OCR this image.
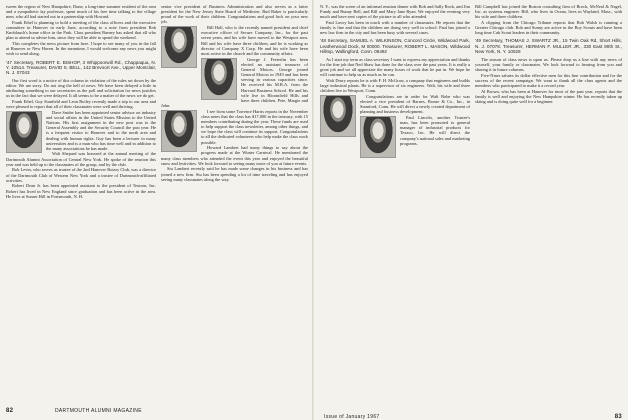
tween the region of New Hampshire, Dune, a long-time summer resident of the area and a sympathetic lay professor, spent much of his free time talking to the village men, who all had started out in a partnership with Howard.

Frank Ethel is planning to hold a meeting of the class officers and the executive committee in Hanover in early June, according to a note from president Bob Knoblauch's home office in the Park. Class president Barney has asked that all who plan to attend so advise him, since they will be able to spend the weekend.

This completes the news picture from here. I hope to see many of you in the fall at Hanover or New Haven. In the meantime, I would welcome any news you might wish to send along.

'47 Secretary, ROBERT E. BISHOP, 3 Whippoorwill Rd., Chappaqua, N. Y. 10514. Treasurer, DAVID S. BELL, 142 Brevoort Ave., Upper Montclair, N. J. 07043

Our first word is a notice of this column in violation of the rules set down by the editor. We are sorry. Do not ring the bell of news. We have been delayed a little in attributing something to our secretaries as the poll and solicitation for news justifies us in the fact that we were delayed. It all seems to be a matter of the news we do get.

Frank Ethel, Guy Stanfield and Leon Boiley recently made a trip to our area and were pleased to report that all of their classmates were well and thriving.

Dave Snider has been appointed senior advisor on industry and social affairs in the United States Mission to the United Nations. His first assignment in the new post was to the General Assembly and the Security Council the past year. He is a frequent visitor to Hanover and to the north area and dealing with human rights. Guy has been a lecturer in many universities and is a man who has time well and in addition to the many associations he has made.

Walt Shepard was honored at the annual meeting of the Dartmouth Alumni Association of Central New York. He spoke of the reunion this year and was held up to the classmates of the group, and by the club.

Bob Levin, who serves as trustee of the 2nd Hanover Rotary Club, was a director of the Dartmouth Club of Western New York and a trustee of Dartmouth-affiliated activities.

Robert Dean Jr. has been appointed assistant to the president of Textron, Inc. Robert has lived in New England since graduation and has been active in the area. He lives at Sunset Hill in Portsmouth, N. H.

senior vice president of Business Administration and also serves as a latter president for the New Jersey State Board of Medicine. Bud Baker is particularly proud of the work of their children. Congratulations and good luck on your new job.

Bill Hall, who is the recently named president and chief executive officer of Secure Company, Inc., for the past seven years, and his wife have moved to the Westport area. Bill and his wife have three children, and he is working as director of Company X Corp. He and his wife have been most active in the church and the community affairs.

George J. Feeterlin has been elected an assistant treasurer of General Motors. George joined General Motors in 1949 and has been serving in various capacities since. He received his M.B.A. from the Harvard Business School. He and his wife live in Bloomfield Hills and have three children, Pete, Margie and John.

I see from some Torrence Harris reports in the November class notes that the class has $17,000 in the treasury, with 15 members contributing during the year. These funds are used to help support the class newsletter, among other things, and we hope the class will continue its support. Congratulations to all the dedicated volunteers who help make the class work possible.

Howard Lambert had many things to say about the progress made at the Winter Carnival. He mentioned the many class members who attended the event this year and enjoyed the beautiful snow and festivities. We look forward to seeing many more of you at future events.

Stu Lambert recently said he has made some changes in his business and has joined a new firm. Stu has been spending a lot of time traveling and has enjoyed seeing many classmates along the way.

82	DARTMOUTH ALUMNI MAGAZINE

N. Y., was the scene of an informal reunion dinner with Bob and Sally Rock, and Jim Fundy and Bunny Bell, and Bill and Mary Jane Ryan. We enjoyed the evening very much and have sent copies of the picture to all who attended.

Paul Lavoy has been in touch with a number of classmates. He reports that the family is fine and that the children are doing very well in school. Paul has joined a new law firm in the city and has been busy with several cases.

'48 Secretary, SAMUEL A. WILKINSON, Concord Circle, Wildwood Park, Leatherwood Dock, M 00000. Treasurer, ROBERT L. MASON, Wildwood Hilltop, Wallingford, Conn. 06492

As I start my term as class secretary I want to express my appreciation and thanks for the fine job that Ned Shaw has done for the class over the past years. It is really a great job and we all appreciate the many hours of work that he put in. We hope he will continue to help us as much as he can.

Walt Drury reports he is with F. H. McGraw, a company that engineers and builds large industrial plants. He is a supervisor of six engineers. Walt, his wife and three children live in Westport, Conn.

Congratulations are in order for Walt Bobe who was elected a vice president of Barnes, Boone & Co., Inc., in Stamford, Conn. He will direct a newly created department of planning and business development.

Paul Lincoln, another Trustee's man, has been promoted to general manager of industrial products for Texaco, Inc. He will direct the company's national sales and marketing programs.

Bill Campbell has joined the Boston consulting firm of Brock, McNeal & Nagel, Inc. as systems engineer. Bill, who lives in Ocean, lives in Wayland, Mass., with his wife and three children.

A clipping from the Chicago Tribune reports that Bob Walsh is running a Greater Chicago club. Bob and Sunny are active in the Boy Scouts and have been long time Cub Scout leaders in their community.

'49 Secretary, THOMAS J. SWARTZ JR., 15 Twin Oak Rd, Short Hills, N. J. 07078. Treasurer, HERMAN F. MULLER JR., 330 East 80th St., New York, N. Y. 10028

The season of class news is upon us. Please drop us a line with any news of yourself, your family or classmates. We look forward to hearing from you and sharing it in future columns.

Five-Niner salutes its dollar effective men for this fine contribution and for the success of the recent campaign. We want to thank all the class agents and the members who participated to make it a record year.

Al Brown, who has been at Hanover for most of the past year, reports that the family is well and enjoying the New Hampshire winter. He has recently taken up skiing and is doing quite well for a beginner.

Issue of January 1967	83
